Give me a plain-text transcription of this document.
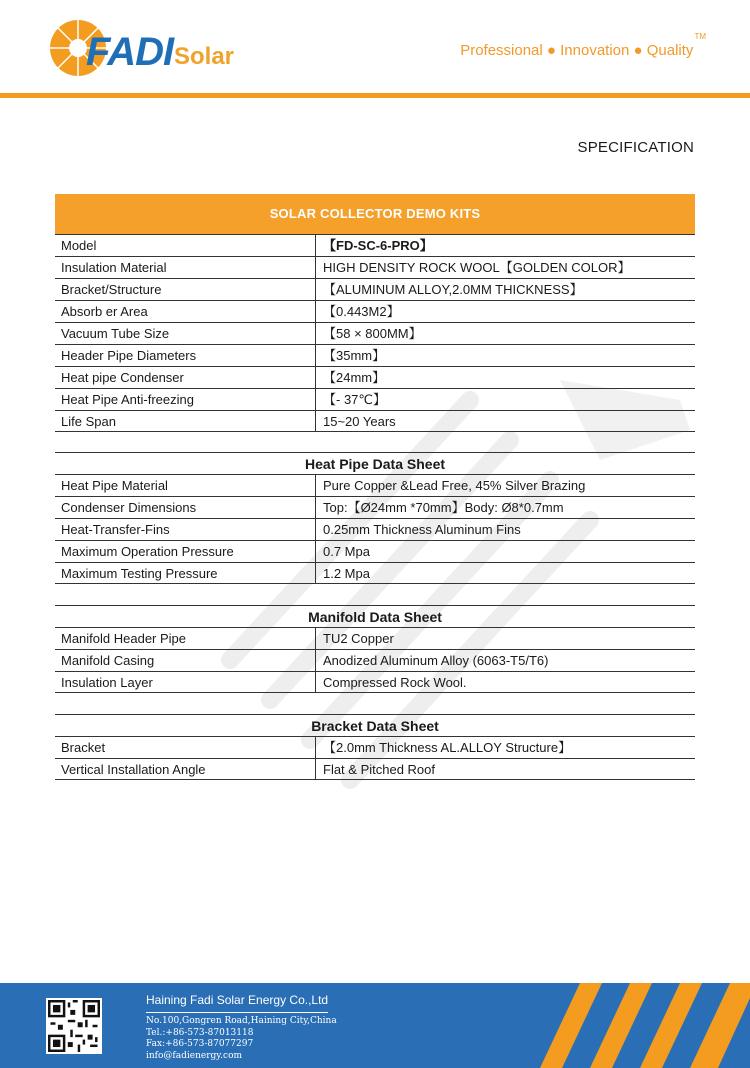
FADI Solar	Professional ● Innovation ● Quality™
SPECIFICATION
SOLAR COLLECTOR DEMO KITS
Model	【FD-SC-6-PRO】
Insulation Material	HIGH DENSITY ROCK WOOL【GOLDEN COLOR】
Bracket/Structure	【ALUMINUM ALLOY,2.0MM THICKNESS】
Absorb er Area	【0.443M2】
Vacuum Tube Size	【58 × 800MM】
Header Pipe Diameters	【35mm】
Heat pipe Condenser	【24mm】
Heat Pipe Anti-freezing	【- 37℃】
Life Span	15~20 Years
Heat Pipe Data Sheet
Heat Pipe Material	Pure Copper &Lead Free, 45% Silver Brazing
Condenser Dimensions	Top:【Ø24mm *70mm】Body: Ø8*0.7mm
Heat-Transfer-Fins	0.25mm Thickness Aluminum Fins
Maximum Operation Pressure	0.7 Mpa
Maximum Testing Pressure	1.2 Mpa
Manifold Data Sheet
Manifold Header Pipe	TU2 Copper
Manifold Casing	Anodized Aluminum Alloy (6063-T5/T6)
Insulation Layer	Compressed Rock Wool.
Bracket Data Sheet
Bracket	【2.0mm Thickness AL.ALLOY Structure】
Vertical Installation Angle	Flat & Pitched Roof
Haining Fadi Solar Energy Co.,Ltd
No.100,Gongren Road,Haining City,China
Tel.:+86-573-87013118
Fax:+86-573-87077297
info@fadienergy.com
